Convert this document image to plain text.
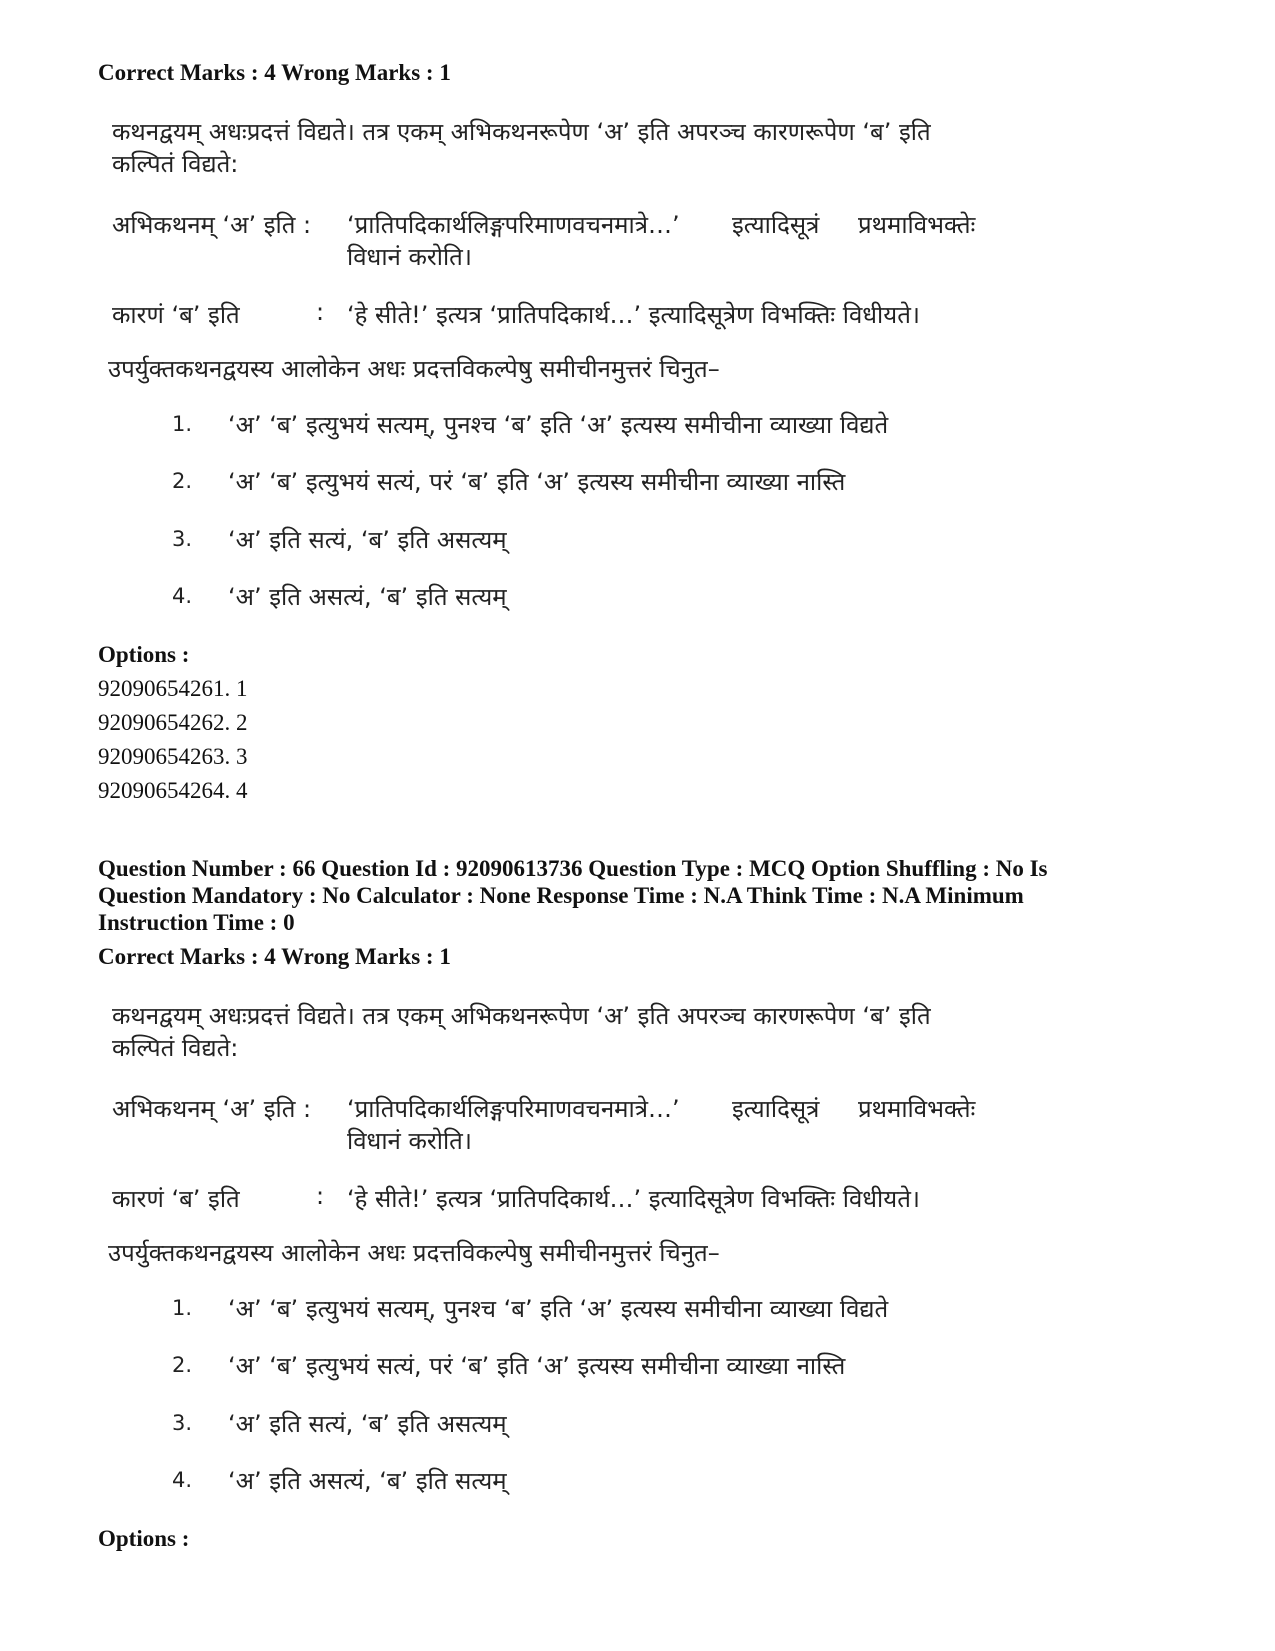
Correct Marks : 4 Wrong Marks : 1
कथनद्वयम् अधःप्रदत्तं विद्यते। तत्र एकम् अभिकथनरूपेण ‘अ’ इति अपरञ्च कारणरूपेण ‘ब’ इति
कल्पितं विद्यते:
अभिकथनम् ‘अ’ इति : ‘प्रातिपदिकार्थलिङ्गपरिमाणवचनमात्रे…’ इत्यादिसूत्रं प्रथमाविभक्तेः
विधानं करोति।
कारणं ‘ब’ इति	: ‘हे सीते!’ इत्यत्र ‘प्रातिपदिकार्थ…’ इत्यादिसूत्रेण विभक्तिः विधीयते।
उपर्युक्तकथनद्वयस्य आलोकेन अधः प्रदत्तविकल्पेषु समीचीनमुत्तरं चिनुत–
1. ‘अ’ ‘ब’ इत्युभयं सत्यम्, पुनश्च ‘ब’ इति ‘अ’ इत्यस्य समीचीना व्याख्या विद्यते
2. ‘अ’ ‘ब’ इत्युभयं सत्यं, परं ‘ब’ इति ‘अ’ इत्यस्य समीचीना व्याख्या नास्ति
3. ‘अ’ इति सत्यं, ‘ब’ इति असत्यम्
4. ‘अ’ इति असत्यं, ‘ब’ इति सत्यम्
Options :
92090654261. 1
92090654262. 2
92090654263. 3
92090654264. 4
Question Number : 66 Question Id : 92090613736 Question Type : MCQ Option Shuffling : No Is
Question Mandatory : No Calculator : None Response Time : N.A Think Time : N.A Minimum
Instruction Time : 0
Correct Marks : 4 Wrong Marks : 1
कथनद्वयम् अधःप्रदत्तं विद्यते। तत्र एकम् अभिकथनरूपेण ‘अ’ इति अपरञ्च कारणरूपेण ‘ब’ इति
कल्पितं विद्यते:
अभिकथनम् ‘अ’ इति : ‘प्रातिपदिकार्थलिङ्गपरिमाणवचनमात्रे…’ इत्यादिसूत्रं प्रथमाविभक्तेः
विधानं करोति।
कारणं ‘ब’ इति	: ‘हे सीते!’ इत्यत्र ‘प्रातिपदिकार्थ…’ इत्यादिसूत्रेण विभक्तिः विधीयते।
उपर्युक्तकथनद्वयस्य आलोकेन अधः प्रदत्तविकल्पेषु समीचीनमुत्तरं चिनुत–
1. ‘अ’ ‘ब’ इत्युभयं सत्यम्, पुनश्च ‘ब’ इति ‘अ’ इत्यस्य समीचीना व्याख्या विद्यते
2. ‘अ’ ‘ब’ इत्युभयं सत्यं, परं ‘ब’ इति ‘अ’ इत्यस्य समीचीना व्याख्या नास्ति
3. ‘अ’ इति सत्यं, ‘ब’ इति असत्यम्
4. ‘अ’ इति असत्यं, ‘ब’ इति सत्यम्
Options :
